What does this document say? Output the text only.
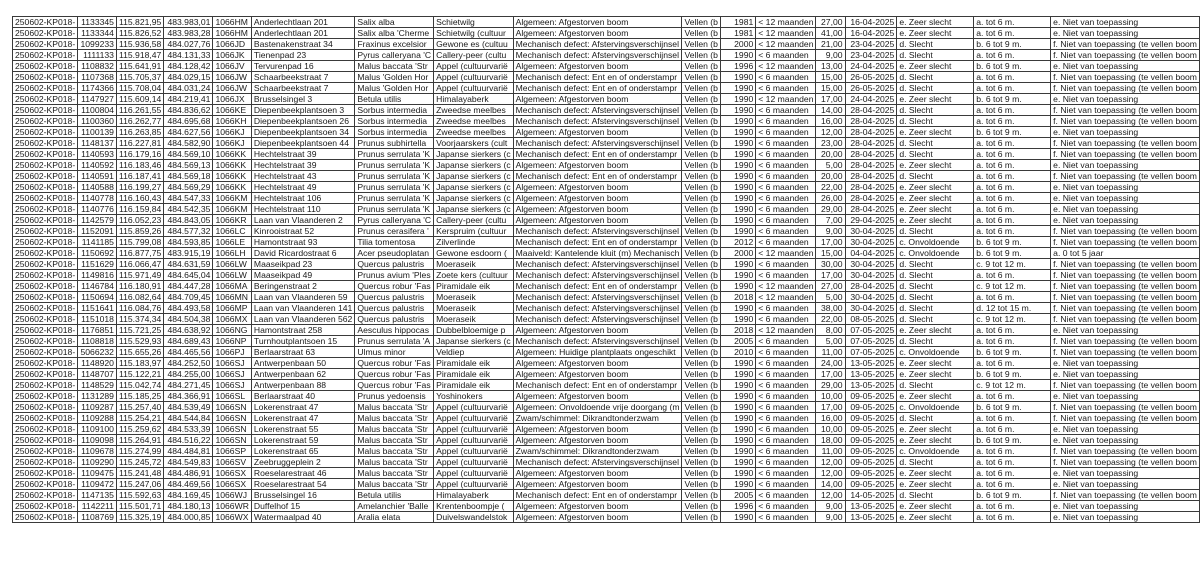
250602-KP018-	1133345	115.821,95	483.983,01	1066HM	Anderlechtlaan 201	Salix alba	Schietwilg	Algemeen: Afgestorven boom	Vellen (b	1981	< 12 maanden	27,00	16-04-2025	e. Zeer slecht	a. tot 6 m.	e. Niet van toepassing
250602-KP018-	1133344	115.826,52	483.983,28	1066HM	Anderlechtlaan 201	Salix alba 'Cherme	Schietwilg (cultuur	Algemeen: Afgestorven boom	Vellen (b	1981	< 12 maanden	41,00	16-04-2025	e. Zeer slecht	a. tot 6 m.	e. Niet van toepassing
250602-KP018-	1099233	115.936,58	484.027,76	1066JD	Bastenakenstraat 34	Fraxinus excelsior	Gewone es (cultuu	Mechanisch defect: Afstervingsverschijnsel	Vellen (b	2000	< 12 maanden	21,00	23-04-2025	d. Slecht	b. 6 tot 9 m.	f. Niet van toepassing (te vellen boom
250602-KP018-	1111133	115.918,47	484.131,33	1066JK	Tienenpad 23	Pyrus calleryana 'C	Callery-peer (cultu	Mechanisch defect: Afstervingsverschijnsel	Vellen (b	1990	< 6 maanden	9,00	23-04-2025	d. Slecht	a. tot 6 m.	f. Niet van toepassing (te vellen boom
250602-KP018-	1108832	115.641,91	484.128,42	1066JV	Tervurenpad 16	Malus baccata 'Str	Appel (cultuurvarië	Algemeen: Afgestorven boom	Vellen (b	1996	< 12 maanden	13,00	24-04-2025	e. Zeer slecht	b. 6 tot 9 m.	e. Niet van toepassing
250602-KP018-	1107368	115.705,37	484.029,15	1066JW	Schaarbeekstraat 7	Malus 'Golden Hor	Appel (cultuurvarië	Mechanisch defect: Ent en of onderstampr	Vellen (b	1990	< 6 maanden	15,00	26-05-2025	d. Slecht	a. tot 6 m.	f. Niet van toepassing (te vellen boom
250602-KP018-	1174366	115.708,04	484.031,24	1066JW	Schaarbeekstraat 7	Malus 'Golden Hor	Appel (cultuurvarië	Mechanisch defect: Ent en of onderstampr	Vellen (b	1990	< 6 maanden	15,00	26-05-2025	d. Slecht	a. tot 6 m.	f. Niet van toepassing (te vellen boom
250602-KP018-	1147927	115.609,14	484.219,41	1066JX	Brusselsingel 3	Betula utilis	Himalayaberk	Algemeen: Afgestorven boom	Vellen (b	1990	< 12 maanden	17,00	24-04-2025	e. Zeer slecht	b. 6 tot 9 m.	e. Niet van toepassing
250602-KP018-	1100804	116.261,55	484.836,62	1066KE	Diepenbeekplantsoen 3	Sorbus intermedia	Zweedse meelbes	Mechanisch defect: Afstervingsverschijnsel	Vellen (b	1990	< 6 maanden	14,00	28-04-2025	d. Slecht	a. tot 6 m.	f. Niet van toepassing (te vellen boom
250602-KP018-	1100360	116.262,77	484.695,68	1066KH	Diepenbeekplantsoen 26	Sorbus intermedia	Zweedse meelbes	Mechanisch defect: Afstervingsverschijnsel	Vellen (b	1990	< 6 maanden	16,00	28-04-2025	d. Slecht	a. tot 6 m.	f. Niet van toepassing (te vellen boom
250602-KP018-	1100139	116.263,85	484.627,56	1066KJ	Diepenbeekplantsoen 34	Sorbus intermedia	Zweedse meelbes	Algemeen: Afgestorven boom	Vellen (b	1990	< 6 maanden	12,00	28-04-2025	e. Zeer slecht	b. 6 tot 9 m.	e. Niet van toepassing
250602-KP018-	1148137	116.227,81	484.582,90	1066KJ	Diepenbeekplantsoen 44	Prunus subhirtella	Voorjaarskers (cult	Mechanisch defect: Afstervingsverschijnsel	Vellen (b	1990	< 6 maanden	23,00	28-04-2025	d. Slecht	a. tot 6 m.	f. Niet van toepassing (te vellen boom
250602-KP018-	1140593	116.179,16	484.569,10	1066KK	Hechtelstraat 39	Prunus serrulata 'K	Japanse sierkers (c	Mechanisch defect: Ent en of onderstampr	Vellen (b	1990	< 6 maanden	20,00	28-04-2025	d. Slecht	a. tot 6 m.	f. Niet van toepassing (te vellen boom
250602-KP018-	1140592	116.183,46	484.569,13	1066KK	Hechtelstraat 39	Prunus serrulata 'K	Japanse sierkers (c	Algemeen: Afgestorven boom	Vellen (b	1990	< 6 maanden	5,00	28-04-2025	e. Zeer slecht	a. tot 6 m.	e. Niet van toepassing
250602-KP018-	1140591	116.187,41	484.569,18	1066KK	Hechtelstraat 43	Prunus serrulata 'K	Japanse sierkers (c	Mechanisch defect: Ent en of onderstampr	Vellen (b	1990	< 6 maanden	20,00	28-04-2025	d. Slecht	a. tot 6 m.	f. Niet van toepassing (te vellen boom
250602-KP018-	1140588	116.199,27	484.569,29	1066KK	Hechtelstraat 49	Prunus serrulata 'K	Japanse sierkers (c	Algemeen: Afgestorven boom	Vellen (b	1990	< 6 maanden	22,00	28-04-2025	e. Zeer slecht	a. tot 6 m.	e. Niet van toepassing
250602-KP018-	1140778	116.160,43	484.547,33	1066KM	Hechtelstraat 106	Prunus serrulata 'K	Japanse sierkers (c	Algemeen: Afgestorven boom	Vellen (b	1990	< 6 maanden	26,00	28-04-2025	e. Zeer slecht	a. tot 6 m.	e. Niet van toepassing
250602-KP018-	1140776	116.159,84	484.542,35	1066KM	Hechtelstraat 110	Prunus serrulata 'K	Japanse sierkers (c	Algemeen: Afgestorven boom	Vellen (b	1990	< 6 maanden	29,00	28-04-2025	e. Zeer slecht	a. tot 6 m.	e. Niet van toepassing
250602-KP018-	1142579	116.052,23	484.843,05	1066KR	Laan van Vlaanderen 2	Pyrus calleryana 'C	Callery-peer (cultu	Algemeen: Afgestorven boom	Vellen (b	1990	< 6 maanden	7,00	29-04-2025	e. Zeer slecht	a. tot 6 m.	e. Niet van toepassing
250602-KP018-	1152091	115.859,26	484.577,32	1066LC	Kinrooistraat 52	Prunus cerasifera '	Kerspruim (cultuur	Mechanisch defect: Afstervingsverschijnsel	Vellen (b	1990	< 6 maanden	9,00	30-04-2025	d. Slecht	a. tot 6 m.	f. Niet van toepassing (te vellen boom
250602-KP018-	1141185	115.799,08	484.593,85	1066LE	Hamontstraat 93	Tilia tomentosa	Zilverlinde	Mechanisch defect: Ent en of onderstampr	Vellen (b	2012	< 6 maanden	17,00	30-04-2025	c. Onvoldoende	b. 6 tot 9 m.	f. Niet van toepassing (te vellen boom
250602-KP018-	1150692	116.877,75	483.915,19	1066LH	David Ricardostraat 6	Acer pseudoplatan	Gewone esdoorn (	Maaiveld: Kantelende kluit (m) Mechanisch	Vellen (b	2000	< 12 maanden	15,00	04-04-2025	c. Onvoldoende	b. 6 tot 9 m.	a. 0 tot 5 jaar
250602-KP018-	1151629	116.066,47	484.631,59	1066LW	Maaseikpad 23	Quercus palustris	Moeraseik	Mechanisch defect: Afstervingsverschijnsel	Vellen (b	1990	< 6 maanden	30,00	30-04-2025	d. Slecht	c. 9 tot 12 m.	f. Niet van toepassing (te vellen boom
250602-KP018-	1149816	115.971,49	484.645,04	1066LW	Maaseikpad 49	Prunus avium 'Ples	Zoete kers (cultuur	Mechanisch defect: Afstervingsverschijnsel	Vellen (b	1990	< 6 maanden	17,00	30-04-2025	d. Slecht	a. tot 6 m.	f. Niet van toepassing (te vellen boom
250602-KP018-	1146784	116.180,91	484.447,28	1066MA	Beringenstraat 2	Quercus robur 'Fas	Piramidale eik	Mechanisch defect: Ent en of onderstampr	Vellen (b	1990	< 12 maanden	27,00	28-04-2025	d. Slecht	c. 9 tot 12 m.	f. Niet van toepassing (te vellen boom
250602-KP018-	1150694	116.082,64	484.709,45	1066MN	Laan van Vlaanderen 59	Quercus palustris	Moeraseik	Mechanisch defect: Afstervingsverschijnsel	Vellen (b	2018	< 12 maanden	5,00	30-04-2025	d. Slecht	a. tot 6 m.	f. Niet van toepassing (te vellen boom
250602-KP018-	1151641	116.084,76	484.493,58	1066MP	Laan van Vlaanderen 141	Quercus palustris	Moeraseik	Mechanisch defect: Afstervingsverschijnsel	Vellen (b	1990	< 6 maanden	38,00	30-04-2025	d. Slecht	d. 12 tot 15 m.	f. Niet van toepassing (te vellen boom
250602-KP018-	1151018	115.374,34	484.504,38	1066MX	Laan van Vlaanderen 562	Quercus palustris	Moeraseik	Mechanisch defect: Afstervingsverschijnsel	Vellen (b	1990	< 6 maanden	22,00	08-05-2025	d. Slecht	c. 9 tot 12 m.	f. Niet van toepassing (te vellen boom
250602-KP018-	1176851	115.721,25	484.638,92	1066NG	Hamontstraat 258	Aesculus hippocas	Dubbelbloemige p	Algemeen: Afgestorven boom	Vellen (b	2018	< 12 maanden	8,00	07-05-2025	e. Zeer slecht	a. tot 6 m.	e. Niet van toepassing
250602-KP018-	1108818	115.529,93	484.689,43	1066NP	Turnhoutplantsoen 15	Prunus serrulata 'A	Japanse sierkers (c	Mechanisch defect: Afstervingsverschijnsel	Vellen (b	2005	< 6 maanden	5,00	07-05-2025	d. Slecht	a. tot 6 m.	f. Niet van toepassing (te vellen boom
250602-KP018-	5066232	115.655,26	484.465,56	1066PJ	Berlaarstraat 63	Ulmus minor	Veldiep	Algemeen: Huidige plantplaats ongeschikt	Vellen (b	2010	< 6 maanden	11,00	07-05-2025	c. Onvoldoende	b. 6 tot 9 m.	f. Niet van toepassing (te vellen boom
250602-KP018-	1148920	115.183,97	484.252,50	1066SJ	Antwerpenbaan 50	Quercus robur 'Fas	Piramidale eik	Algemeen: Afgestorven boom	Vellen (b	1990	< 6 maanden	24,00	13-05-2025	e. Zeer slecht	a. tot 6 m.	e. Niet van toepassing
250602-KP018-	1148707	115.122,21	484.255,00	1066SJ	Antwerpenbaan 62	Quercus robur 'Fas	Piramidale eik	Algemeen: Afgestorven boom	Vellen (b	1990	< 6 maanden	17,00	13-05-2025	e. Zeer slecht	b. 6 tot 9 m.	e. Niet van toepassing
250602-KP018-	1148529	115.042,74	484.271,45	1066SJ	Antwerpenbaan 88	Quercus robur 'Fas	Piramidale eik	Mechanisch defect: Ent en of onderstampr	Vellen (b	1990	< 6 maanden	29,00	13-05-2025	d. Slecht	c. 9 tot 12 m.	f. Niet van toepassing (te vellen boom
250602-KP018-	1131289	115.185,25	484.366,91	1066SL	Berlaarstraat 40	Prunus yedoensis	Yoshinokers	Algemeen: Afgestorven boom	Vellen (b	1990	< 6 maanden	10,00	09-05-2025	e. Zeer slecht	a. tot 6 m.	e. Niet van toepassing
250602-KP018-	1109287	115.257,40	484.539,49	1066SN	Lokerenstraat 47	Malus baccata 'Str	Appel (cultuurvarië	Algemeen: Onvoldoende vrije doorgang (m	Vellen (b	1990	< 6 maanden	17,00	09-05-2025	c. Onvoldoende	b. 6 tot 9 m.	f. Niet van toepassing (te vellen boom
250602-KP018-	1109288	115.254,21	484.544,84	1066SN	Lokerenstraat 47	Malus baccata 'Str	Appel (cultuurvarië	Zwam/schimmel: Dikrandtonderzwam	Vellen (b	1990	< 6 maanden	16,00	09-05-2025	d. Slecht	a. tot 6 m.	f. Niet van toepassing (te vellen boom
250602-KP018-	1109100	115.259,62	484.533,39	1066SN	Lokerenstraat 55	Malus baccata 'Str	Appel (cultuurvarië	Algemeen: Afgestorven boom	Vellen (b	1990	< 6 maanden	10,00	09-05-2025	e. Zeer slecht	a. tot 6 m.	e. Niet van toepassing
250602-KP018-	1109098	115.264,91	484.516,22	1066SN	Lokerenstraat 59	Malus baccata 'Str	Appel (cultuurvarië	Algemeen: Afgestorven boom	Vellen (b	1990	< 6 maanden	18,00	09-05-2025	e. Zeer slecht	b. 6 tot 9 m.	e. Niet van toepassing
250602-KP018-	1109678	115.274,99	484.484,81	1066SP	Lokerenstraat 65	Malus baccata 'Str	Appel (cultuurvarië	Zwam/schimmel: Dikrandtonderzwam	Vellen (b	1990	< 6 maanden	11,00	09-05-2025	c. Onvoldoende	a. tot 6 m.	f. Niet van toepassing (te vellen boom
250602-KP018-	1109290	115.245,72	484.549,83	1066SV	Zeebruggeplein 2	Malus baccata 'Str	Appel (cultuurvarië	Mechanisch defect: Afstervingsverschijnsel	Vellen (b	1990	< 6 maanden	12,00	09-05-2025	d. Slecht	a. tot 6 m.	f. Niet van toepassing (te vellen boom
250602-KP018-	1109475	115.241,48	484.486,91	1066SX	Roeselarestraat 46	Malus baccata 'Str	Appel (cultuurvarië	Algemeen: Afgestorven boom	Vellen (b	1990	< 6 maanden	12,00	09-05-2025	e. Zeer slecht	a. tot 6 m.	e. Niet van toepassing
250602-KP018-	1109472	115.247,06	484.469,56	1066SX	Roeselarestraat 54	Malus baccata 'Str	Appel (cultuurvarië	Algemeen: Afgestorven boom	Vellen (b	1990	< 6 maanden	14,00	09-05-2025	e. Zeer slecht	a. tot 6 m.	e. Niet van toepassing
250602-KP018-	1147135	115.592,63	484.169,45	1066WJ	Brusselsingel 16	Betula utilis	Himalayaberk	Mechanisch defect: Ent en of onderstampr	Vellen (b	2005	< 6 maanden	12,00	14-05-2025	d. Slecht	b. 6 tot 9 m.	f. Niet van toepassing (te vellen boom
250602-KP018-	1142211	115.501,71	484.180,13	1066WR	Duffelhof 15	Amelanchier 'Balle	Krentenboompje (	Algemeen: Afgestorven boom	Vellen (b	1996	< 6 maanden	9,00	13-05-2025	e. Zeer slecht	a. tot 6 m.	e. Niet van toepassing
250602-KP018-	1108769	115.325,19	484.000,85	1066WX	Watermaalpad 40	Aralia elata	Duivelswandelstok	Algemeen: Afgestorven boom	Vellen (b	1990	< 6 maanden	9,00	13-05-2025	e. Zeer slecht	a. tot 6 m.	e. Niet van toepassing
